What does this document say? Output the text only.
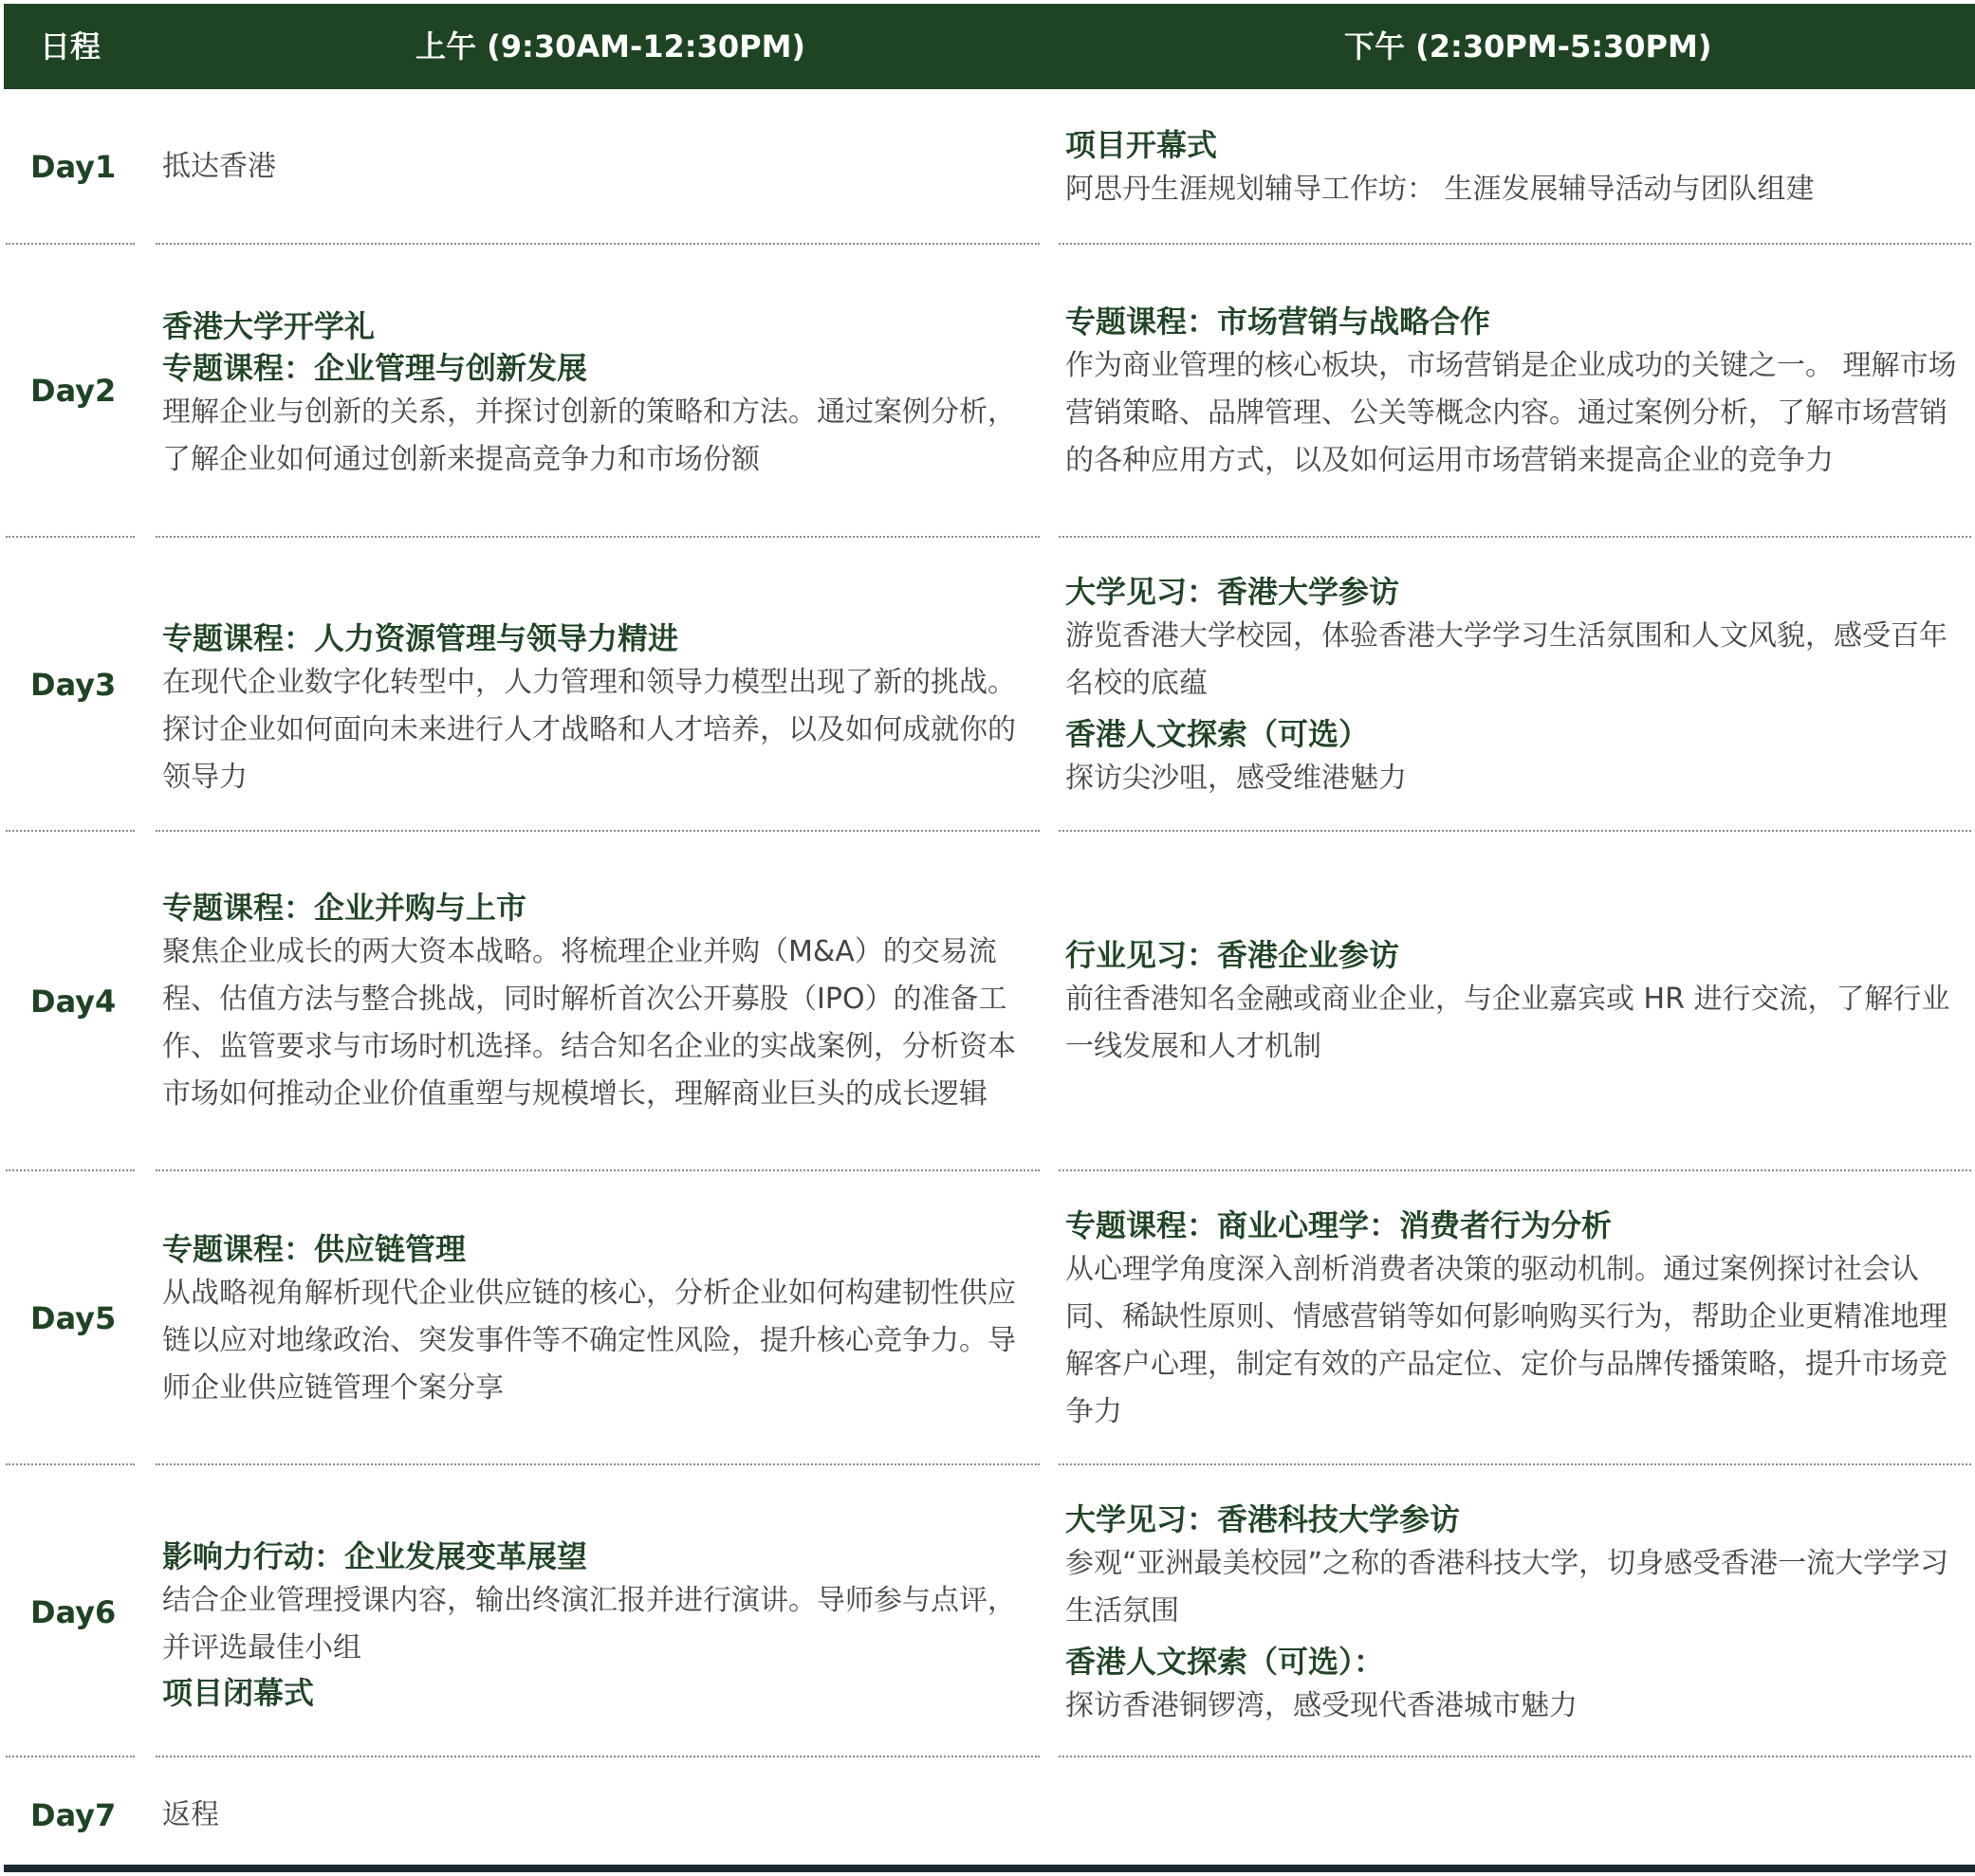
日程	上午 (9:30AM-12:30PM)	下午 (2:30PM-5:30PM)
Day1 抵达香港
项目开幕式
阿思丹生涯规划辅导工作坊： 生涯发展辅导活动与团队组建
Day2
香港大学开学礼
专题课程：企业管理与创新发展
理解企业与创新的关系，并探讨创新的策略和方法。通过案例分析，了解企业如何通过创新来提高竞争力和市场份额
专题课程：市场营销与战略合作
作为商业管理的核心板块，市场营销是企业成功的关键之一。 理解市场营销策略、品牌管理、公关等概念内容。通过案例分析，了解市场营销的各种应用方式，以及如何运用市场营销来提高企业的竞争力
Day3
专题课程：人力资源管理与领导力精进
在现代企业数字化转型中，人力管理和领导力模型出现了新的挑战。探讨企业如何面向未来进行人才战略和人才培养，以及如何成就你的领导力
大学见习：香港大学参访
游览香港大学校园，体验香港大学学习生活氛围和人文风貌，感受百年名校的底蕴
香港人文探索（可选）
探访尖沙咀，感受维港魅力
Day4
专题课程：企业并购与上市
聚焦企业成长的两大资本战略。将梳理企业并购（M&A）的交易流程、估值方法与整合挑战，同时解析首次公开募股（IPO）的准备工作、监管要求与市场时机选择。结合知名企业的实战案例，分析资本市场如何推动企业价值重塑与规模增长，理解商业巨头的成长逻辑
行业见习：香港企业参访
前往香港知名金融或商业企业，与企业嘉宾或 HR 进行交流，了解行业一线发展和人才机制
Day5
专题课程：供应链管理
从战略视角解析现代企业供应链的核心，分析企业如何构建韧性供应链以应对地缘政治、突发事件等不确定性风险，提升核心竞争力。导师企业供应链管理个案分享
专题课程：商业心理学：消费者行为分析
从心理学角度深入剖析消费者决策的驱动机制。通过案例探讨社会认同、稀缺性原则、情感营销等如何影响购买行为，帮助企业更精准地理解客户心理，制定有效的产品定位、定价与品牌传播策略，提升市场竞争力
Day6
影响力行动：企业发展变革展望
结合企业管理授课内容，输出终演汇报并进行演讲。导师参与点评，并评选最佳小组
项目闭幕式
大学见习：香港科技大学参访
参观“亚洲最美校园”之称的香港科技大学，切身感受香港一流大学学习生活氛围
香港人文探索（可选）：
探访香港铜锣湾，感受现代香港城市魅力
Day7 返程
